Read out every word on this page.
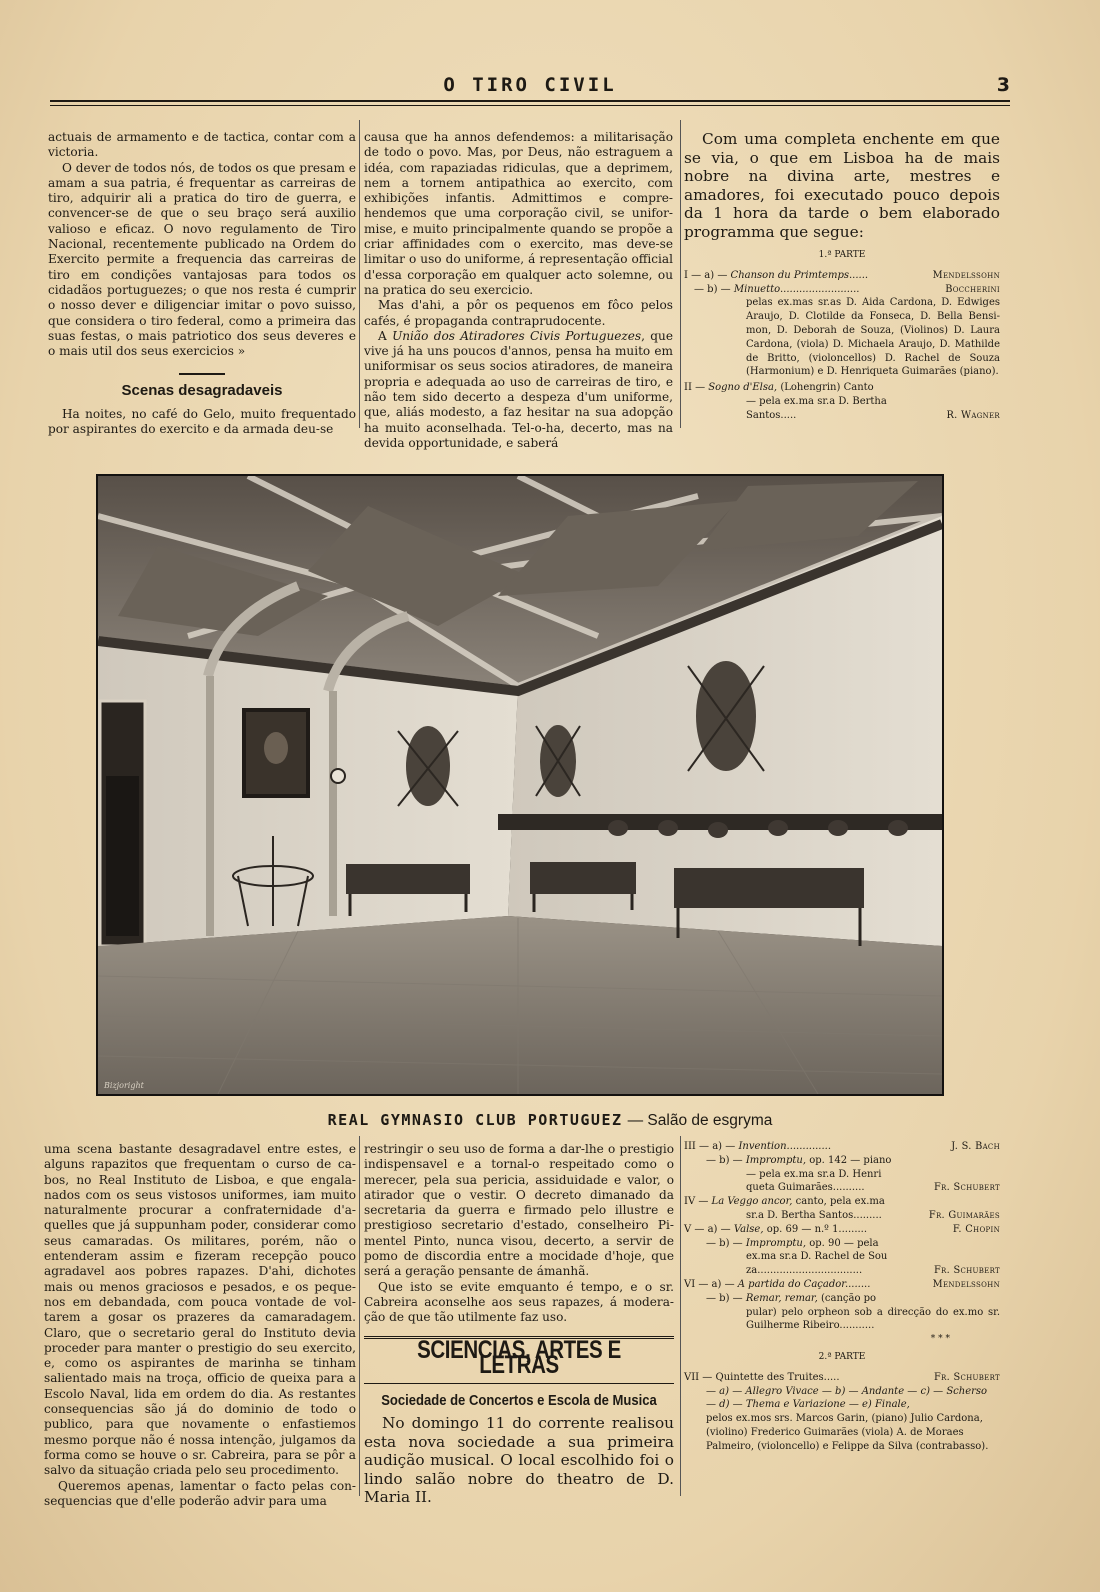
O TIRO CIVIL	3

actuais de armamento e de tactica, contar com a victoria.

O dever de todos nós, de todos os que presam e amam a sua patria, é frequentar as carreiras de tiro, adquirir ali a pratica do tiro de guerra, e convencer-se de que o seu braço será auxilio valioso e eficaz. O novo regulamento de Tiro Nacional, recentemente publicado na Ordem do Exercito permite a frequencia das carreiras de tiro em condições vantajosas para todos os cidadãos portuguezes; o que nos resta é cumprir o nosso dever e diligenciar imitar o povo suisso, que considera o tiro federal, como a primeira das suas festas, o mais patriotico dos seus deveres e o mais util dos seus exercicios »

Scenas desagradaveis

Ha noites, no café do Gelo, muito frequentado por aspirantes do exercito e da armada deu-se

causa que ha annos defendemos: a militarisação de todo o povo. Mas, por Deus, não estraguem a idéa, com rapaziadas ridiculas, que a deprimem, nem a tornem antipathica ao exercito, com exhibições infantis. Admittimos e comprehendemos que uma corporação civil, se uniformise, e muito principalmente quando se propõe a criar affinidades com o exercito, mas deve-se limitar o uso do uniforme, á representação official d'essa corporação em qualquer acto solemne, ou na pratica do seu exercicio.

Mas d'ahi, a pôr os pequenos em fôco pelos cafés, é propaganda contraprudocente.

A União dos Atiradores Civis Portuguezes, que vive já ha uns poucos d'annos, pensa ha muito em uniformisar os seus socios atiradores, de maneira propria e adequada ao uso de carreiras de tiro, e não tem sido decerto a despeza d'um uniforme, que, aliás modesto, a faz hesitar na sua adopção ha muito aconselhada. Tel-o-ha, decerto, mas na devida opportunidade, e saberá

Com uma completa enchente em que se via, o que em Lisboa ha de mais nobre na divina arte, mestres e amadores, foi executado pouco depois da 1 hora da tarde o bem elaborado programma que segue:

1.ª PARTE
I — a) — Chanson du Primtemps......	Mendelssohn
— b) — Minuetto.........................	Boccherini
pelas ex.mas sr.as D. Aida Cardona, D. Edwiges Araujo, D. Clotilde da Fonseca, D. Bella Bensimon, D. Deborah de Souza, (Violinos) D. Laura Cardona, (viola) D. Michaela Araujo, D. Mathilde de Britto, (violoncellos) D. Rachel de Souza (Harmonium) e D. Henriqueta Guimarães (piano).
II — Sogno d'Elsa, (Lohengrin) Canto
— pela ex.ma sr.a D. Bertha
Santos.....	R. Wagner
Bizjoright
REAL GYMNASIO CLUB PORTUGUEZ — Salão de esgryma

uma scena bastante desagradavel entre estes, e alguns rapazitos que frequentam o curso de cabos, no Real Instituto de Lisboa, e que engalanados com os seus vistosos uniformes, iam muito naturalmente procurar a confraternidade d'aquelles que já suppunham poder, considerar como seus camaradas. Os militares, porém, não o entenderam assim e fizeram recepção pouco agradavel aos pobres rapazes. D'ahi, dichotes mais ou menos graciosos e pesados, e os pequenos em debandada, com pouca vontade de voltarem a gosar os prazeres da camaradagem. Claro, que o secretario geral do Instituto devia proceder para manter o prestigio do seu exercito, e, como os aspirantes de marinha se tinham salientado mais na troça, officio de queixa para a Escolo Naval, lida em ordem do dia. As restantes consequencias são já do dominio de todo o publico, para que novamente o enfastiemos mesmo porque não é nossa intenção, julgamos da forma como se houve o sr. Cabreira, para se pôr a salvo da situação criada pelo seu procedimento.

Queremos apenas, lamentar o facto pelas consequencias que d'elle poderão advir para uma

restringir o seu uso de forma a dar-lhe o prestigio indispensavel e a tornal-o respeitado como o merecer, pela sua pericia, assiduidade e valor, o atirador que o vestir. O decreto dimanado da secretaria da guerra e firmado pelo illustre e prestigioso secretario d'estado, conselheiro Pimentel Pinto, nunca visou, decerto, a servir de pomo de discordia entre a mocidade d'hoje, que será a geração pensante de ámanhã.

Que isto se evite emquanto é tempo, e o sr. Cabreira aconselhe aos seus rapazes, á moderação de que tão utilmente faz uso.

SCIENCIAS, ARTES E LETRAS
Sociedade de Concertos e Escola de Musica

No domingo 11 do corrente realisou esta nova sociedade a sua primeira audição musical. O local escolhido foi o lindo salão nobre do theatro de D. Maria II.

III — a) — Invention..............	J. S. Bach
— b) — Impromptu, op. 142 — piano
— pela ex.ma sr.a D. Henri
queta Guimarães..........	Fr. Schubert
IV — La Veggo ancor, canto, pela ex.ma
sr.a D. Bertha Santos.........	Fr. Guimarães
V — a) — Valse, op. 69 — n.º 1.........	F. Chopin
— b) — Impromptu, op. 90 — pela
ex.ma sr.a D. Rachel de Sou
za.................................	Fr. Schubert
VI — a) — A partida do Caçador........	Mendelssohn
— b) — Remar, remar, (canção po
pular) pelo orpheon sob a direcção do ex.mo sr. Guilherme Ribeiro...........
* * *
2.ª PARTE
VII — Quintette des Truites.....	Fr. Schubert
— a) — Allegro Vivace — b) — Andante — c) — Scherso — d) — Thema e Variazione — e) Finale,
pelos ex.mos srs. Marcos Garin, (piano) Julio Cardona, (violino) Frederico Guimarães (viola) A. de Moraes Palmeiro, (violoncello) e Felippe da Silva (contrabasso).
